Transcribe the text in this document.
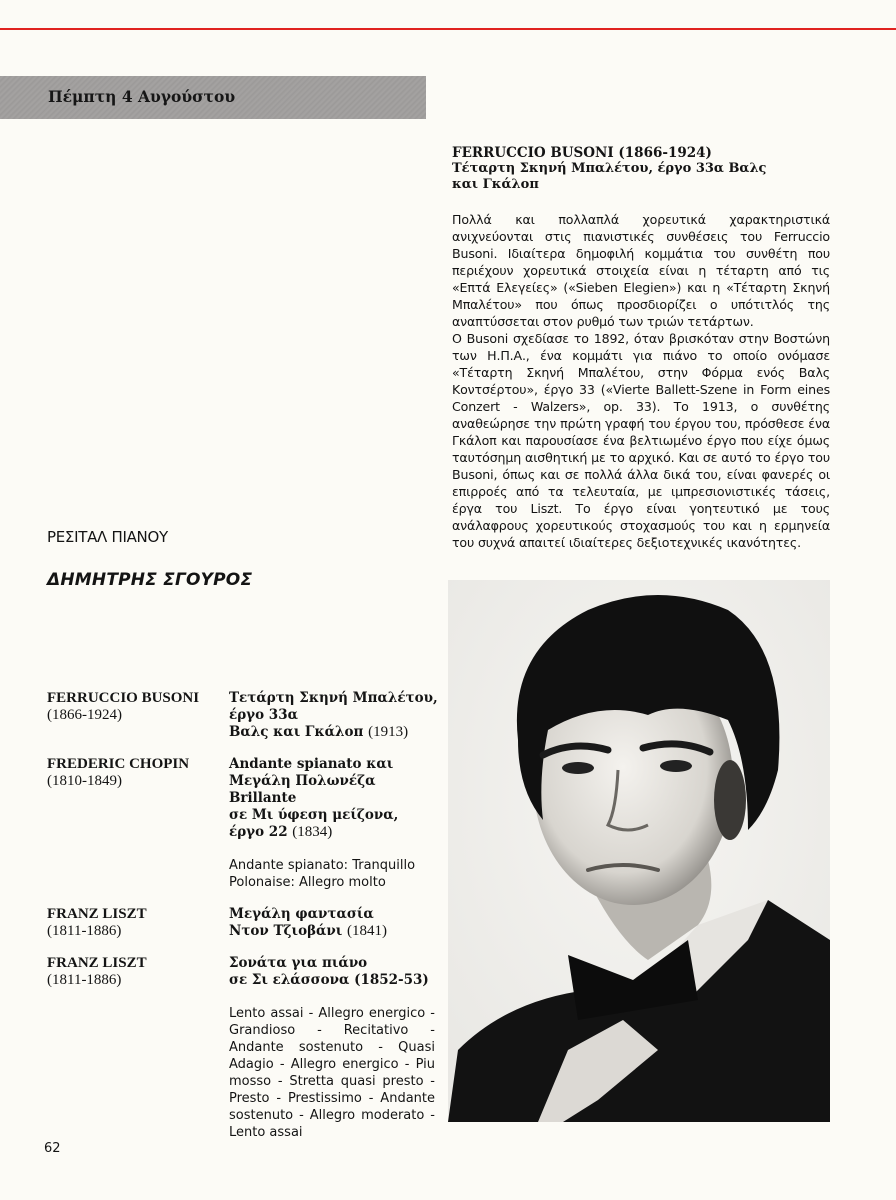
Πέμπτη 4 Αυγούστου
FERRUCCIO BUSONI (1866-1924)
Τέταρτη Σκηνή Μπαλέτου, έργο 33α Βαλς και Γκάλοπ

Πολλά και πολλαπλά χορευτικά χαρακτηριστικά ανιχνεύονται στις πιανιστικές συνθέσεις του Ferruccio Busoni. Ιδιαίτερα δημοφιλή κομμάτια του συνθέτη που περιέχουν χορευτικά στοιχεία είναι η τέταρτη από τις «Επτά Ελεγείες» («Sieben Elegien») και η «Τέταρτη Σκηνή Μπαλέτου» που όπως προσδιορίζει ο υπότιτλός της αναπτύσσεται στον ρυθμό των τριών τετάρτων.

Ο Busoni σχεδίασε το 1892, όταν βρισκόταν στην Βοστώνη των Η.Π.Α., ένα κομμάτι για πιάνο το οποίο ονόμασε «Τέταρτη Σκηνή Μπαλέτου, στην Φόρμα ενός Βαλς Κοντσέρτου», έργο 33 («Vierte Ballett-Szene in Form eines Conzert - Walzers», op. 33). Το 1913, ο συνθέτης αναθεώρησε την πρώτη γραφή του έργου του, πρόσθεσε ένα Γκάλοπ και παρουσίασε ένα βελτιωμένο έργο που είχε όμως ταυτόσημη αισθητική με το αρχικό. Και σε αυτό το έργο του Busoni, όπως και σε πολλά άλλα δικά του, είναι φανερές οι επιρροές από τα τελευταία, με ιμπρεσιονιστικές τάσεις, έργα του Liszt. Το έργο είναι γοητευτικό με τους ανάλαφρους χορευτικούς στοχασμούς του και η ερμηνεία του συχνά απαιτεί ιδιαίτερες δεξιοτεχνικές ικανότητες.

ΡΕΣΙΤΑΛ ΠΙΑΝΟΥ
ΔΗΜΗΤΡΗΣ ΣΓΟΥΡΟΣ
FERRUCCIO BUSONI
(1866-1924)
Τετάρτη Σκηνή Μπαλέτου,
έργο 33α
Βαλς και Γκάλοπ (1913)
FREDERIC CHOPIN
(1810-1849)
Andante spianato και
Μεγάλη Πολωνέζα Brillante
σε Μι ύφεση μείζονα,
έργο 22 (1834)
Andante spianato: Tranquillo
Polonaise: Allegro molto
FRANZ LISZT
(1811-1886)
Μεγάλη φαντασία
Ντον Τζιοβάνι (1841)
FRANZ LISZT
(1811-1886)
Σονάτα για πιάνο
σε Σι ελάσσονα (1852-53)
Lento assai - Allegro energico - Grandioso - Recitativo - Andante sostenuto - Quasi Adagio - Allegro energico - Piu mosso - Stretta quasi presto - Presto - Prestissimo - Andante sostenuto - Allegro moderato - Lento assai
62
